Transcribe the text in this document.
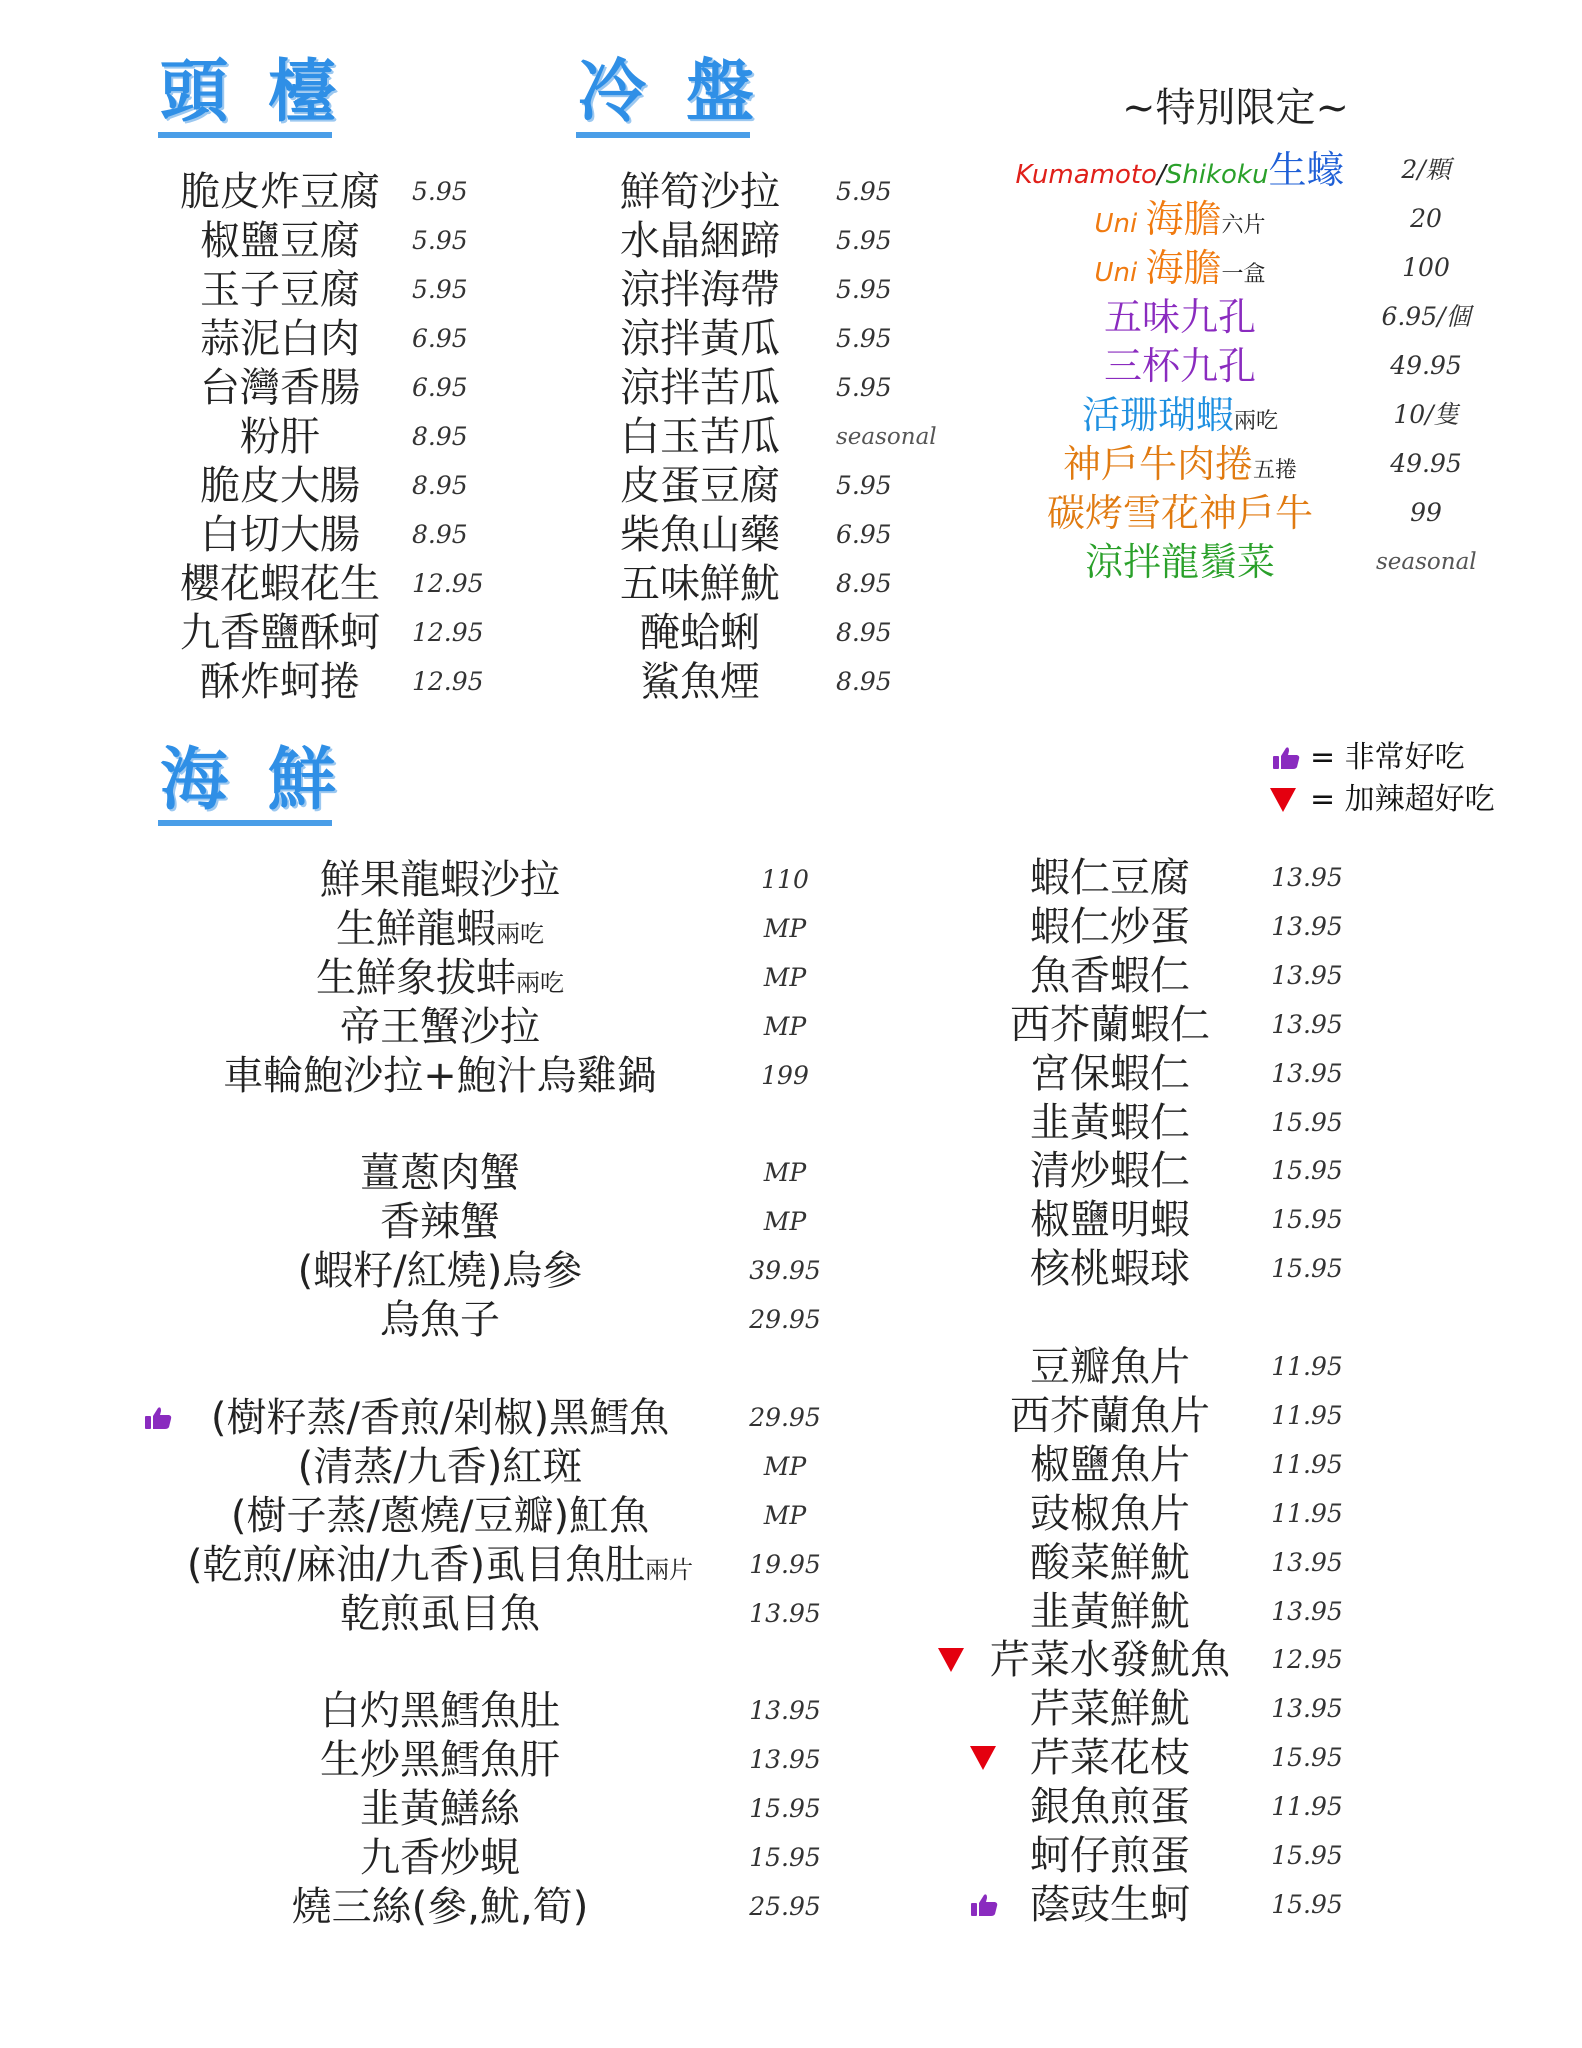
頭檯	冷盤
海鮮
~特別限定~
脆皮炸豆腐	5.95
椒鹽豆腐	5.95
玉子豆腐	5.95
蒜泥白肉	6.95
台灣香腸	6.95
粉肝	8.95
脆皮大腸	8.95
白切大腸	8.95
櫻花蝦花生	12.95
九香鹽酥蚵	12.95
酥炸蚵捲	12.95
鮮筍沙拉	5.95
水晶綑蹄	5.95
涼拌海帶	5.95
涼拌黃瓜	5.95
涼拌苦瓜	5.95
白玉苦瓜	seasonal
皮蛋豆腐	5.95
柴魚山藥	6.95
五味鮮魷	8.95
醃蛤蜊	8.95
鯊魚煙	8.95
Kumamoto/Shikoku生蠔	2/顆
Uni 海膽六片	20
Uni 海膽一盒	100
五味九孔	6.95/個
三杯九孔	49.95
活珊瑚蝦兩吃	10/隻
神戶牛肉捲五捲	49.95
碳烤雪花神戶牛	99
涼拌龍鬚菜	seasonal
鮮果龍蝦沙拉	110
生鮮龍蝦兩吃	MP
生鮮象拔蚌兩吃	MP
帝王蟹沙拉	MP
車輪鮑沙拉+鮑汁烏雞鍋	199
薑蔥肉蟹	MP
香辣蟹	MP
(蝦籽/紅燒)烏參	39.95
烏魚子	29.95
(樹籽蒸/香煎/剁椒)黑鱈魚	29.95
(清蒸/九香)紅斑	MP
(樹子蒸/蔥燒/豆瓣)魟魚	MP
(乾煎/麻油/九香)虱目魚肚兩片	19.95
乾煎虱目魚	13.95
白灼黑鱈魚肚	13.95
生炒黑鱈魚肝	13.95
韭黃鱔絲	15.95
九香炒蜆	15.95
燒三絲(參,魷,筍)	25.95
蝦仁豆腐	13.95
蝦仁炒蛋	13.95
魚香蝦仁	13.95
西芥蘭蝦仁	13.95
宮保蝦仁	13.95
韭黃蝦仁	15.95
清炒蝦仁	15.95
椒鹽明蝦	15.95
核桃蝦球	15.95
豆瓣魚片	11.95
西芥蘭魚片	11.95
椒鹽魚片	11.95
豉椒魚片	11.95
酸菜鮮魷	13.95
韭黃鮮魷	13.95
芹菜水發魷魚	12.95
芹菜鮮魷	13.95
芹菜花枝	15.95
銀魚煎蛋	11.95
蚵仔煎蛋	15.95
蔭豉生蚵	15.95
= 非常好吃
= 加辣超好吃
